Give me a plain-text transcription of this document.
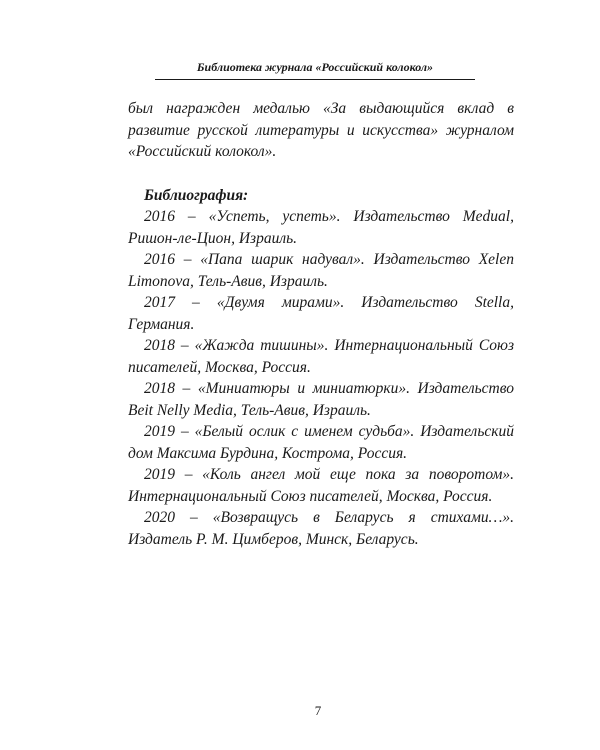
Библиотека журнала «Российский колокол»

был награжден медалью «За выдающийся вклад в развитие русской литературы и искусства» журналом «Российский колокол».

Библиография:

2016 – «Успеть, успеть». Издательство Medual, Ришон-ле-Цион, Израиль.

2016 – «Папа шарик надувал». Издательство Xelen Limonova, Тель-Авив, Израиль.

2017 – «Двумя мирами». Издательство Stella, Германия.

2018 – «Жажда тишины». Интернациональный Союз писателей, Москва, Россия.

2018 – «Миниатюры и миниатюрки». Издательство Beit Nelly Media, Тель-Авив, Израиль.

2019 – «Белый ослик с именем судьба». Издательский дом Максима Бурдина, Кострома, Россия.

2019 – «Коль ангел мой еще пока за поворотом». Интернациональный Союз писателей, Москва, Россия.

2020 – «Возвращусь в Беларусь я стихами…». Издатель Р. М. Цимберов, Минск, Беларусь.

7
